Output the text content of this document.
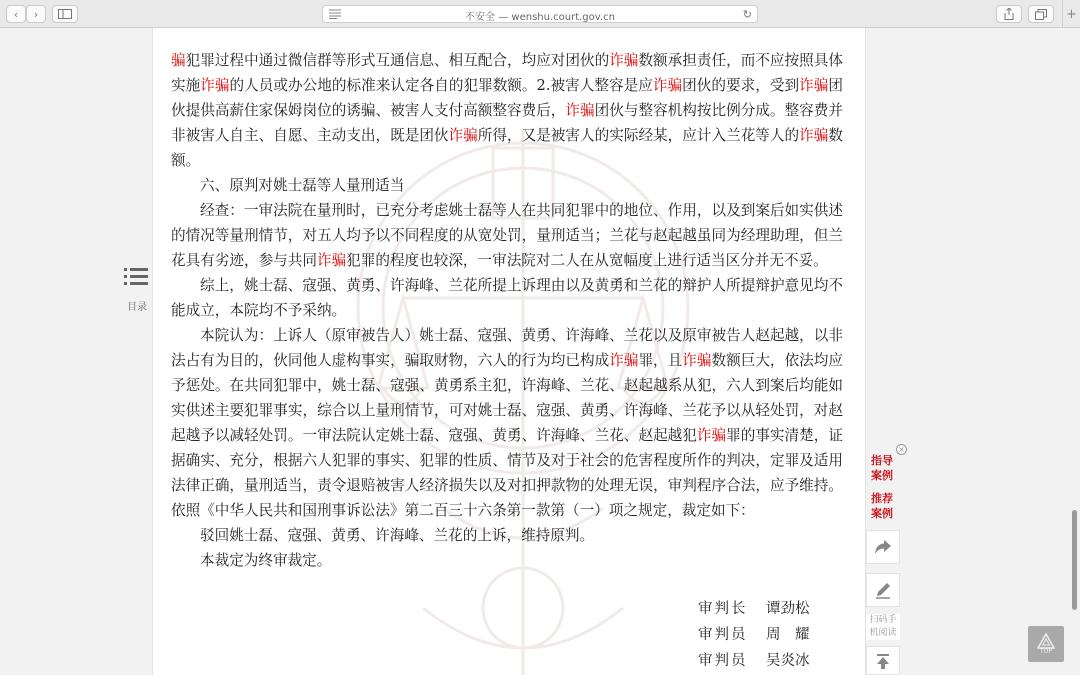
‹ ›	不安全 — wenshu.court.gov.cn	↻	+
目录

骗犯罪过程中通过微信群等形式互通信息、相互配合，均应对团伙的诈骗数额承担责任，而不应按照具体实施诈骗的人员或办公地的标准来认定各自的犯罪数额。2.被害人整容是应诈骗团伙的要求，受到诈骗团伙提供高薪住家保姆岗位的诱骗、被害人支付高额整容费后，诈骗团伙与整容机构按比例分成。整容费并非被害人自主、自愿、主动支出，既是团伙诈骗所得，又是被害人的实际经某，应计入兰花等人的诈骗数额。

六、原判对姚士磊等人量刑适当

经查：一审法院在量刑时，已充分考虑姚士磊等人在共同犯罪中的地位、作用，以及到案后如实供述的情况等量刑情节，对五人均予以不同程度的从宽处罚，量刑适当；兰花与赵起越虽同为经理助理，但兰花具有劣迹，参与共同诈骗犯罪的程度也较深，一审法院对二人在从宽幅度上进行适当区分并无不妥。

综上，姚士磊、寇强、黄勇、许海峰、兰花所提上诉理由以及黄勇和兰花的辩护人所提辩护意见均不能成立，本院均不予采纳。

本院认为：上诉人（原审被告人）姚士磊、寇强、黄勇、许海峰、兰花以及原审被告人赵起越，以非法占有为目的，伙同他人虚构事实，骗取财物，六人的行为均已构成诈骗罪，且诈骗数额巨大，依法均应予惩处。在共同犯罪中，姚士磊、寇强、黄勇系主犯，许海峰、兰花、赵起越系从犯，六人到案后均能如实供述主要犯罪事实，综合以上量刑情节，可对姚士磊、寇强、黄勇、许海峰、兰花予以从轻处罚，对赵起越予以减轻处罚。一审法院认定姚士磊、寇强、黄勇、许海峰、兰花、赵起越犯诈骗罪的事实清楚，证据确实、充分，根据六人犯罪的事实、犯罪的性质、情节及对于社会的危害程度所作的判决，定罪及适用法律正确，量刑适当，责令退赔被害人经济损失以及对扣押款物的处理无误，审判程序合法，应予维持。依照《中华人民共和国刑事诉讼法》第二百三十六条第一款第（一）项之规定，裁定如下：

驳回姚士磊、寇强、黄勇、许海峰、兰花的上诉，维持原判。

本裁定为终审裁定。

审判长	谭劲松
审判员	周　耀
审判员	吴炎冰
×
指导
案例
推荐
案例
扫码手
机阅读
TOP
